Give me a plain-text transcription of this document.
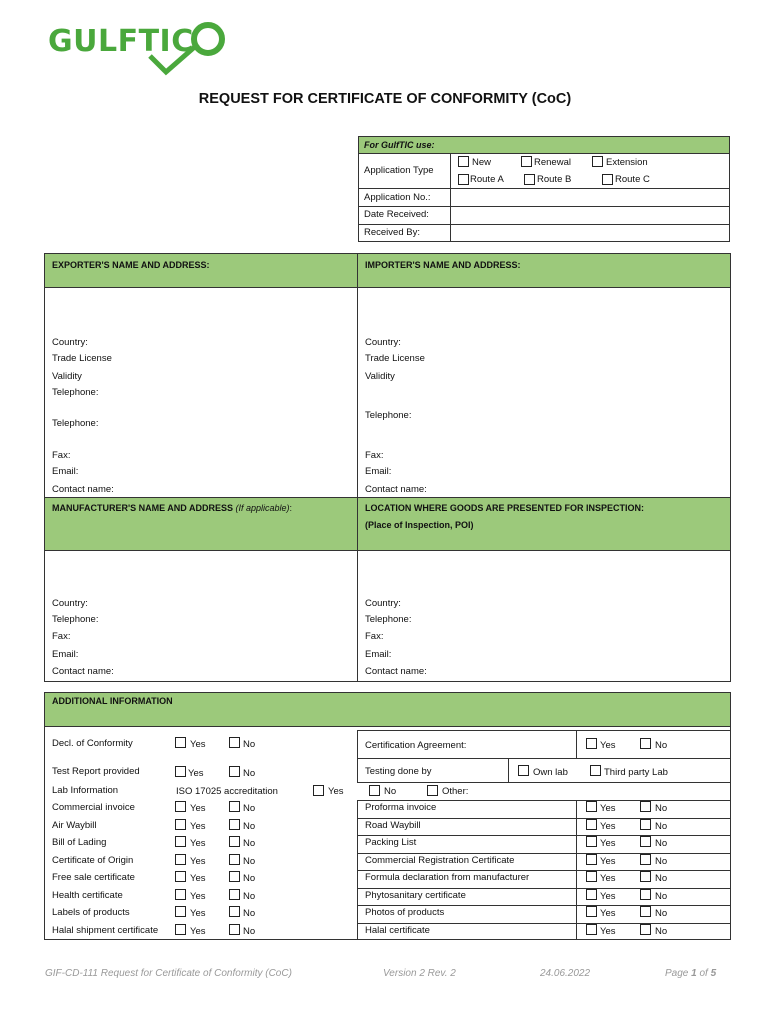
GULFTIC
REQUEST FOR CERTIFICATE OF CONFORMITY (CoC)
For GulfTIC use:
Application Type
New	Renewal	Extension
Route A	Route B	Route C
Application No.:
Date Received:
Received By:
EXPORTER'S NAME AND ADDRESS:
Country:
Trade License
Validity
Telephone:
Telephone:
Fax:
Email:
Contact name:
IMPORTER'S NAME AND ADDRESS:
Country:
Trade License
Validity
Telephone:
Fax:
Email:
Contact name:
MANUFACTURER'S NAME AND ADDRESS (If applicable):
Country:
Telephone:
Fax:
Email:
Contact name:
LOCATION WHERE GOODS ARE PRESENTED FOR INSPECTION:
(Place of Inspection, POI)
Country:
Telephone:
Fax:
Email:
Contact name:
ADDITIONAL INFORMATION
Decl. of Conformity	Yes	No	Certification Agreement:	Yes	No
Test Report provided	Yes	No	Testing done by	Own lab	Third party Lab
Lab Information	ISO 17025 accreditation	Yes	No	Other:
Commercial invoice	Yes	No	Proforma invoice	Yes	No
Air Waybill	Yes	No	Road Waybill	Yes	No
Bill of Lading	Yes	No	Packing List	Yes	No
Certificate of Origin	Yes	No	Commercial Registration Certificate	Yes	No
Free sale certificate	Yes	No	Formula declaration from manufacturer	Yes	No
Health certificate	Yes	No	Phytosanitary certificate	Yes	No
Labels of products	Yes	No	Photos of products	Yes	No
Halal shipment certificate	Yes	No	Halal certificate	Yes	No
GIF-CD-111 Request for Certificate of Conformity (CoC)	Version 2 Rev. 2	24.06.2022	Page 1 of 5
